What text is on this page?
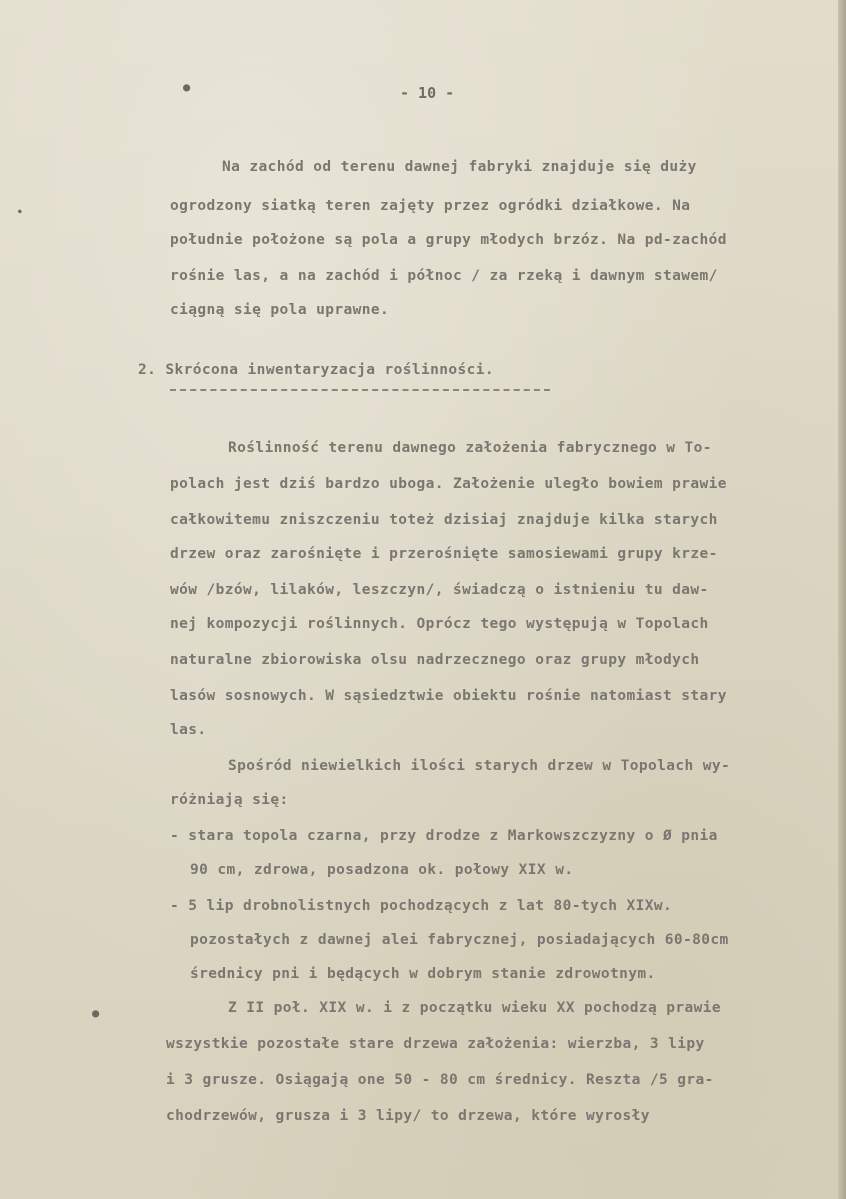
●
●
●
- 10 -
Na zachód od terenu dawnej fabryki znajduje się duży
ogrodzony siatką teren zajęty przez ogródki działkowe. Na
południe położone są pola a grupy młodych brzóz. Na pd-zachód
rośnie las, a na zachód i północ / za rzeką i dawnym stawem/
ciągną się pola uprawne.
2. Skrócona inwentaryzacja roślinności.
Roślinność terenu dawnego założenia fabrycznego w To-
polach jest dziś bardzo uboga. Założenie uległo bowiem prawie
całkowitemu zniszczeniu toteż dzisiaj znajduje kilka starych
drzew oraz zarośnięte i przerośnięte samosiewami grupy krze-
wów /bzów, lilaków, leszczyn/, świadczą o istnieniu tu daw-
nej kompozycji roślinnych. Oprócz tego występują w Topolach
naturalne zbiorowiska olsu nadrzecznego oraz grupy młodych
lasów sosnowych. W sąsiedztwie obiektu rośnie natomiast stary
las.
Spośród niewielkich ilości starych drzew w Topolach wy-
różniają się:
- stara topola czarna, przy drodze z Markowszczyzny o Ø pnia
90 cm, zdrowa, posadzona ok. połowy XIX w.
- 5 lip drobnolistnych pochodzących z lat 80-tych XIXw.
pozostałych z dawnej alei fabrycznej, posiadających 60-80cm
średnicy pni i będących w dobrym stanie zdrowotnym.
Z II poł. XIX w. i z początku wieku XX pochodzą prawie
wszystkie pozostałe stare drzewa założenia: wierzba, 3 lipy
i 3 grusze. Osiągają one 50 - 80 cm średnicy. Reszta /5 gra-
chodrzewów, grusza i 3 lipy/ to drzewa, które wyrosły
